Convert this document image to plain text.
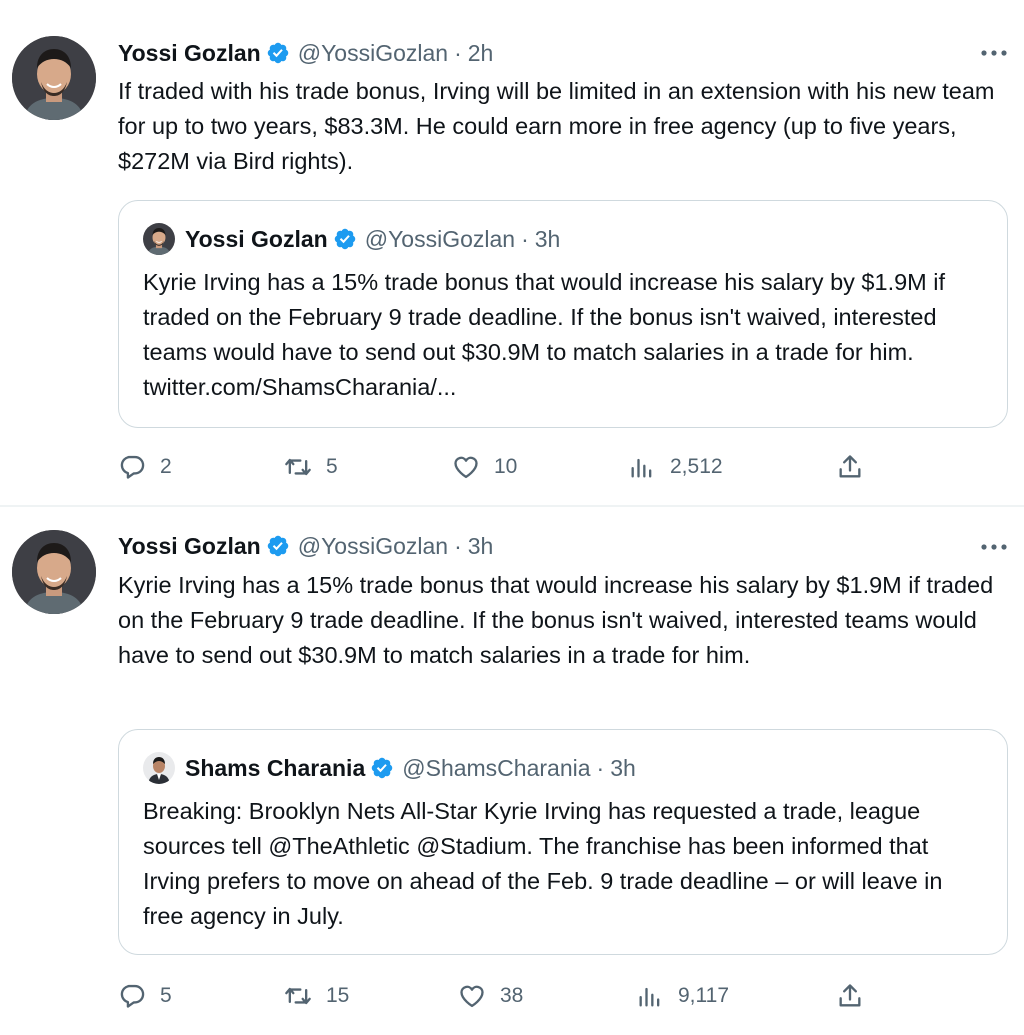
Yossi Gozlan @YossiGozlan · 2h
If traded with his trade bonus, Irving will be limited in an extension with his new team for up to two years, $83.3M. He could earn more in free agency (up to five years, $272M via Bird rights).
Yossi Gozlan @YossiGozlan · 3h
Kyrie Irving has a 15% trade bonus that would increase his salary by $1.9M if traded on the February 9 trade deadline. If the bonus isn't waived, interested teams would have to send out $30.9M to match salaries in a trade for him. twitter.com/ShamsCharania/...
2	5	10	2,512
Yossi Gozlan @YossiGozlan · 3h
Kyrie Irving has a 15% trade bonus that would increase his salary by $1.9M if traded on the February 9 trade deadline. If the bonus isn't waived, interested teams would have to send out $30.9M to match salaries in a trade for him.
Shams Charania @ShamsCharania · 3h
Breaking: Brooklyn Nets All-Star Kyrie Irving has requested a trade, league sources tell @TheAthletic @Stadium. The franchise has been informed that Irving prefers to move on ahead of the Feb. 9 trade deadline – or will leave in free agency in July.
5	15	38	9,117
